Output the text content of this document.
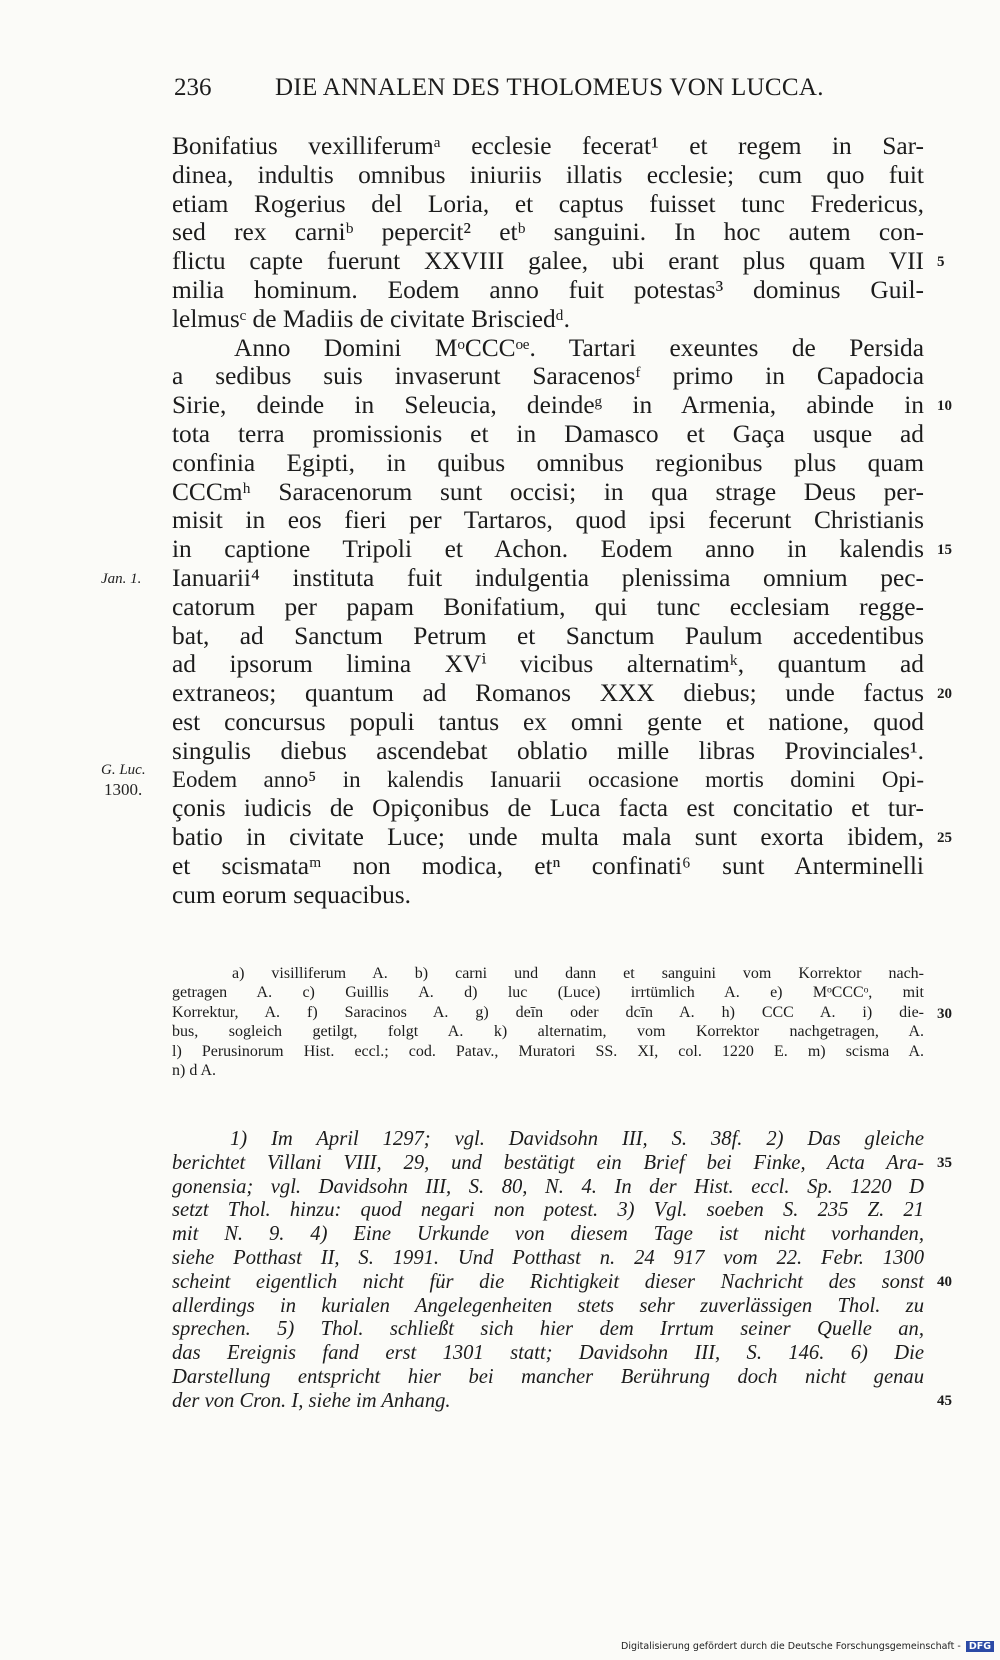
236	DIE ANNALEN DES THOLOMEUS VON LUCCA.
Bonifatius vexilliferumᵃ ecclesie fecerat¹ et regem in Sar-
dinea, indultis omnibus iniuriis illatis ecclesie; cum quo fuit
etiam Rogerius del Loria, et captus fuisset tunc Fredericus,
sed rex carniᵇ pepercit² etᵇ sanguini. In hoc autem con-
flictu capte fuerunt XXVIII galee, ubi erant plus quam VII
milia hominum. Eodem anno fuit potestas³ dominus Guil-
lelmusᶜ de Madiis de civitate Brisciedᵈ.
Anno Domini MᵒCCCᵒᵉ. Tartari exeuntes de Persida
a sedibus suis invaserunt Saracenosᶠ primo in Capadocia
Sirie, deinde in Seleucia, deindeᵍ in Armenia, abinde in
tota terra promissionis et in Damasco et Gaça usque ad
confinia Egipti, in quibus omnibus regionibus plus quam
CCCmʰ Saracenorum sunt occisi; in qua strage Deus per-
misit in eos fieri per Tartaros, quod ipsi fecerunt Christianis
in captione Tripoli et Achon. Eodem anno in kalendis
Ianuarii⁴ instituta fuit indulgentia plenissima omnium pec-
catorum per papam Bonifatium, qui tunc ecclesiam regge-
bat, ad Sanctum Petrum et Sanctum Paulum accedentibus
ad ipsorum limina XVⁱ vicibus alternatimᵏ, quantum ad
extraneos; quantum ad Romanos XXX diebus; unde factus
est concursus populi tantus ex omni gente et natione, quod
singulis diebus ascendebat oblatio mille libras Provinciales¹.
Eodem anno⁵ in kalendis Ianuarii occasione mortis domini Opi-
çonis iudicis de Opiçonibus de Luca facta est concitatio et tur-
batio in civitate Luce; unde multa mala sunt exorta ibidem,
et scismataᵐ non modica, etⁿ confinati⁶ sunt Anterminelli
cum eorum sequacibus.
Jan. 1.
G. Luc.
1300.
5
10
15
20
25
30
35
40
45
a) visilliferum A. b) carni und dann et sanguini vom Korrektor nach-
getragen A. c) Guillis A. d) luc (Luce) irrtümlich A. e) MᵒCCCᵒ, mit
Korrektur, A. f) Saracinos A. g) deīn oder dcīn A. h) CCC A. i) die-
bus, sogleich getilgt, folgt A. k) alternatim, vom Korrektor nachgetragen, A.
l) Perusinorum Hist. eccl.; cod. Patav., Muratori SS. XI, col. 1220 E. m) scisma A.
n) d A.
1) Im April 1297; vgl. Davidsohn III, S. 38f. 2) Das gleiche
berichtet Villani VIII, 29, und bestätigt ein Brief bei Finke, Acta Ara-
gonensia; vgl. Davidsohn III, S. 80, N. 4. In der Hist. eccl. Sp. 1220 D
setzt Thol. hinzu: quod negari non potest. 3) Vgl. soeben S. 235 Z. 21
mit N. 9. 4) Eine Urkunde von diesem Tage ist nicht vorhanden,
siehe Potthast II, S. 1991. Und Potthast n. 24 917 vom 22. Febr. 1300
scheint eigentlich nicht für die Richtigkeit dieser Nachricht des sonst
allerdings in kurialen Angelegenheiten stets sehr zuverlässigen Thol. zu
sprechen. 5) Thol. schließt sich hier dem Irrtum seiner Quelle an,
das Ereignis fand erst 1301 statt; Davidsohn III, S. 146. 6) Die
Darstellung entspricht hier bei mancher Berührung doch nicht genau
der von Cron. I, siehe im Anhang.
Digitalisierung gefördert durch die Deutsche Forschungsgemeinschaft - DFG
